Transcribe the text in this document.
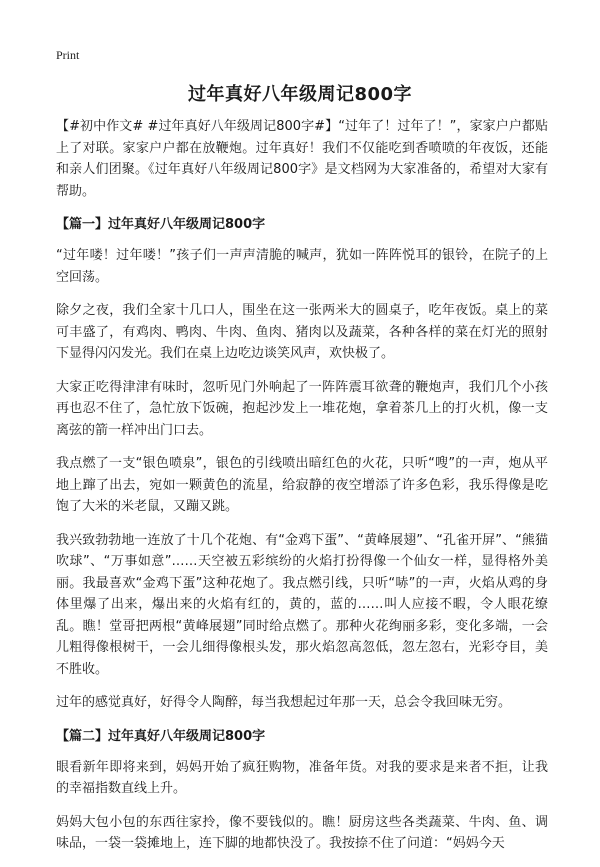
Print
过年真好八年级周记800字

【#初中作文# #过年真好八年级周记800字#】“过年了！过年了！”，家家户户都贴上了对联。家家户户都在放鞭炮。过年真好！我们不仅能吃到香喷喷的年夜饭，还能和亲人们团聚。《过年真好八年级周记800字》是文档网为大家准备的，希望对大家有帮助。

【篇一】过年真好八年级周记800字

“过年喽！过年喽！”孩子们一声声清脆的喊声，犹如一阵阵悦耳的银铃，在院子的上空回荡。

除夕之夜，我们全家十几口人，围坐在这一张两米大的圆桌子，吃年夜饭。桌上的菜可丰盛了，有鸡肉、鸭肉、牛肉、鱼肉、猪肉以及蔬菜，各种各样的菜在灯光的照射下显得闪闪发光。我们在桌上边吃边谈笑风声，欢快极了。

大家正吃得津津有味时，忽听见门外响起了一阵阵震耳欲聋的鞭炮声，我们几个小孩再也忍不住了，急忙放下饭碗，抱起沙发上一堆花炮，拿着茶几上的打火机，像一支离弦的箭一样冲出门口去。

我点燃了一支“银色喷泉”，银色的引线喷出暗红色的火花，只听“嗖”的一声，炮从平地上蹿了出去，宛如一颗黄色的流星，给寂静的夜空增添了许多色彩，我乐得像是吃饱了大米的米老鼠，又蹦又跳。

我兴致勃勃地一连放了十几个花炮、有“金鸡下蛋”、“黄峰展翅”、“孔雀开屏”、“熊猫吹球”、“万事如意”……天空被五彩缤纷的火焰打扮得像一个仙女一样，显得格外美丽。我最喜欢“金鸡下蛋”这种花炮了。我点燃引线，只听“哧”的一声，火焰从鸡的身体里爆了出来，爆出来的火焰有红的，黄的，蓝的……叫人应接不暇，令人眼花缭乱。瞧！堂哥把两根“黄峰展翅”同时给点燃了。那种火花绚丽多彩，变化多端，一会儿粗得像根树干，一会儿细得像根头发，那火焰忽高忽低，忽左忽右，光彩夺目，美不胜收。

过年的感觉真好，好得令人陶醉，每当我想起过年那一天，总会令我回味无穷。

【篇二】过年真好八年级周记800字

眼看新年即将来到，妈妈开始了疯狂购物，准备年货。对我的要求是来者不拒，让我的幸福指数直线上升。

妈妈大包小包的东西往家拎，像不要钱似的。瞧！厨房这些各类蔬菜、牛肉、鱼、调味品，一袋一袋摊地上，连下脚的地都快没了。我按捺不住了问道：“妈妈今天
